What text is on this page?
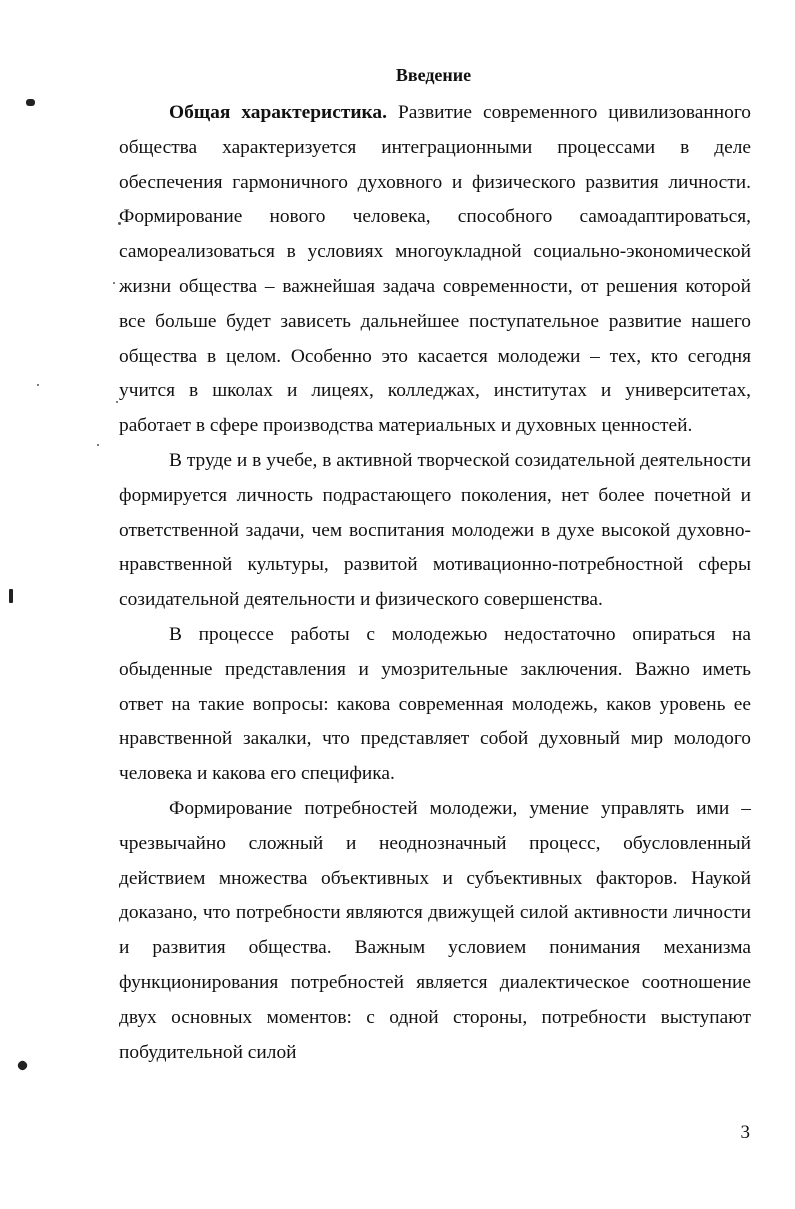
Введение

Общая характеристика. Развитие современного цивилизованного общества характеризуется интеграционными процессами в деле обеспечения гармоничного духовного и физического развития личности. Формирование нового человека, способного самоадаптироваться, самореализоваться в условиях многоукладной социально-экономической жизни общества – важнейшая задача современности, от решения которой все больше будет зависеть дальнейшее поступательное развитие нашего общества в целом. Особенно это касается молодежи – тех, кто сегодня учится в школах и лицеях, колледжах, институтах и университетах, работает в сфере производства материальных и духовных ценностей.

В труде и в учебе, в активной творческой созидательной деятельности формируется личность подрастающего поколения, нет более почетной и ответственной задачи, чем воспитания молодежи в духе высокой духовно-нравственной культуры, развитой мотивационно-потребностной сферы созидательной деятельности и физического совершенства.

В процессе работы с молодежью недостаточно опираться на обыденные представления и умозрительные заключения. Важно иметь ответ на такие вопросы: какова современная молодежь, каков уровень ее нравственной закалки, что представляет собой духовный мир молодого человека и какова его специфика.

Формирование потребностей молодежи, умение управлять ими – чрезвычайно сложный и неоднозначный процесс, обусловленный действием множества объективных и субъективных факторов. Наукой доказано, что потребности являются движущей силой активности личности и развития общества. Важным условием понимания механизма функционирования потребностей является диалектическое соотношение двух основных моментов: с одной стороны, потребности выступают побудительной силой

3
